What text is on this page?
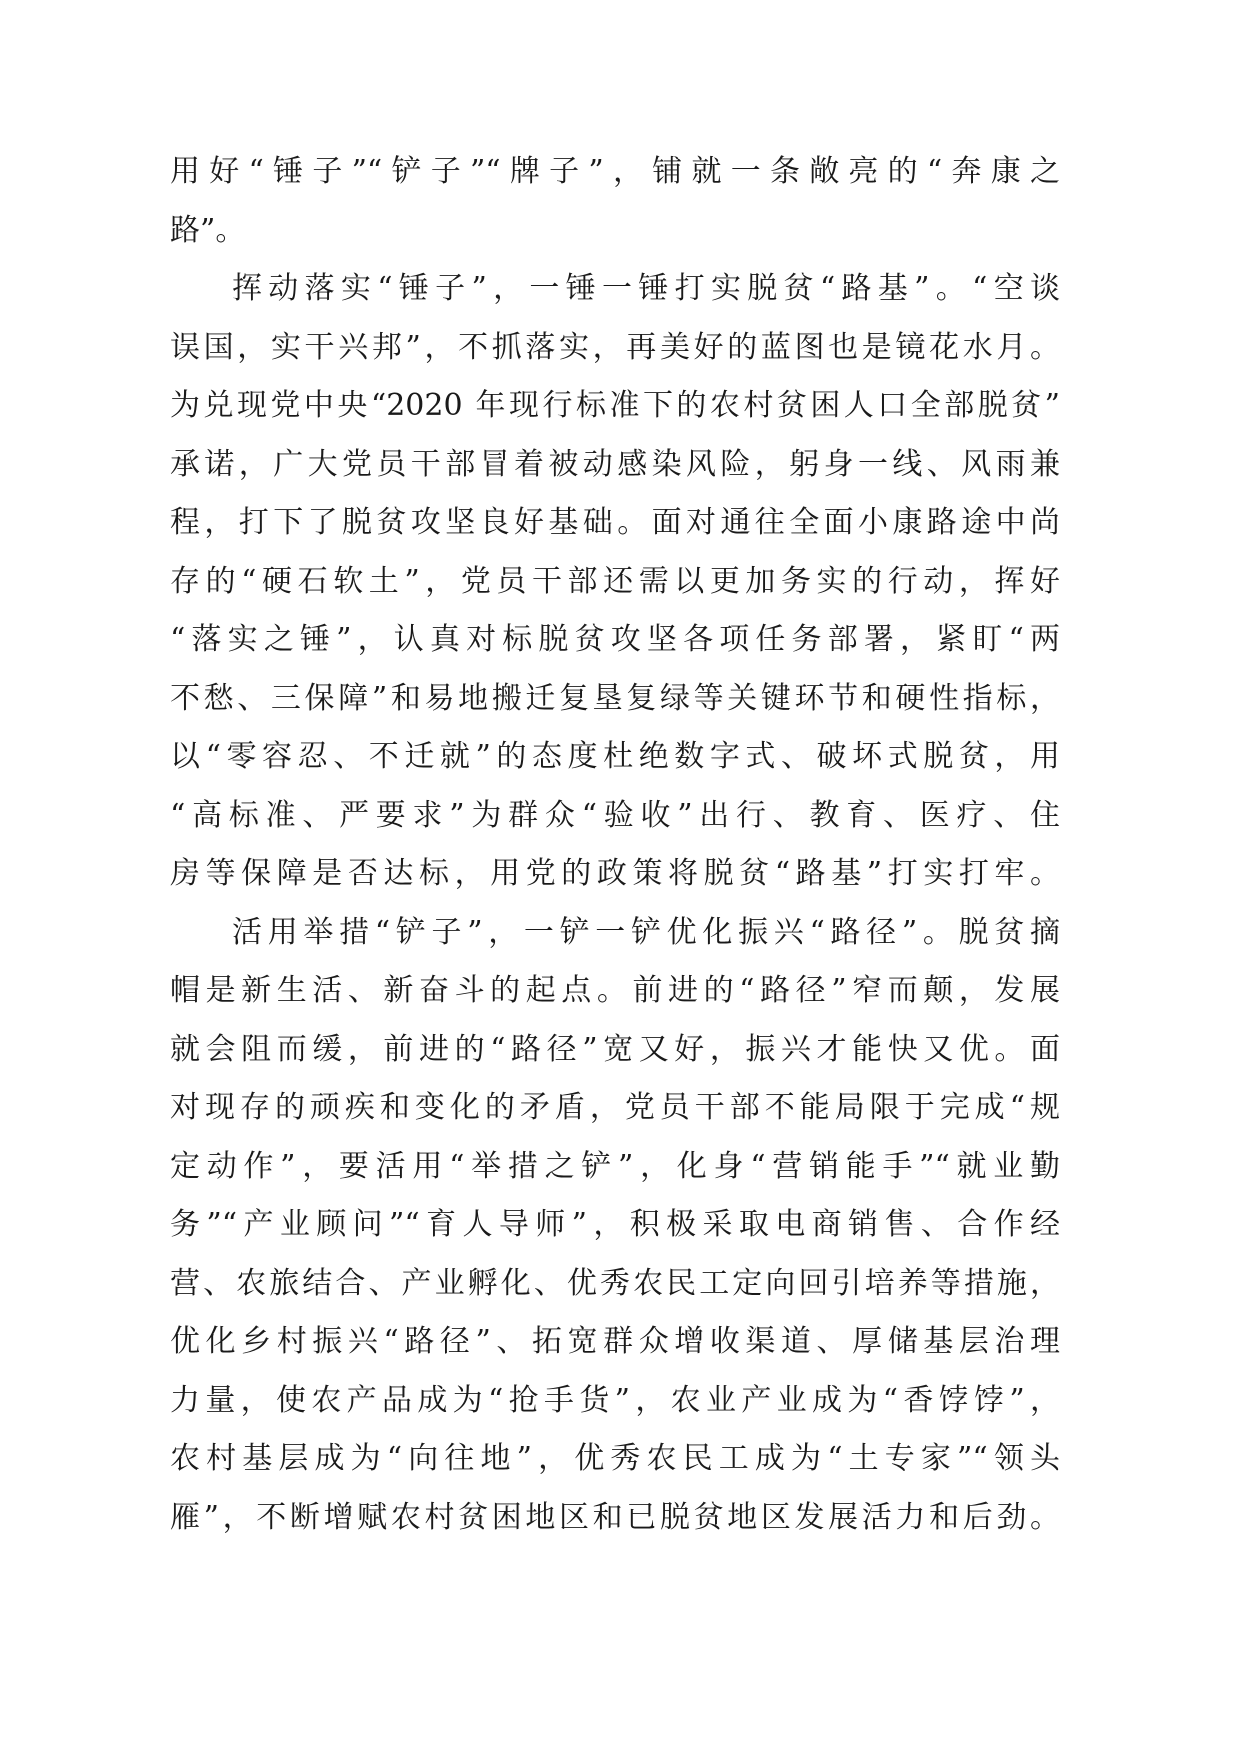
用好“锤子”“铲子”“牌子”，铺就一条敞亮的“奔康之
路”。
挥动落实“锤子”，一锤一锤打实脱贫“路基”。“空谈
误国，实干兴邦”，不抓落实，再美好的蓝图也是镜花水月。
为兑现党中央“2020 年现行标准下的农村贫困人口全部脱贫”
承诺，广大党员干部冒着被动感染风险，躬身一线、风雨兼
程，打下了脱贫攻坚良好基础。面对通往全面小康路途中尚
存的“硬石软土”，党员干部还需以更加务实的行动，挥好
“落实之锤”，认真对标脱贫攻坚各项任务部署，紧盯“两
不愁、三保障”和易地搬迁复垦复绿等关键环节和硬性指标，
以“零容忍、不迁就”的态度杜绝数字式、破坏式脱贫，用
“高标准、严要求”为群众“验收”出行、教育、医疗、住
房等保障是否达标，用党的政策将脱贫“路基”打实打牢。
活用举措“铲子”，一铲一铲优化振兴“路径”。脱贫摘
帽是新生活、新奋斗的起点。前进的“路径”窄而颠，发展
就会阻而缓，前进的“路径”宽又好，振兴才能快又优。面
对现存的顽疾和变化的矛盾，党员干部不能局限于完成“规
定动作”，要活用“举措之铲”，化身“营销能手”“就业勤
务”“产业顾问”“育人导师”，积极采取电商销售、合作经
营、农旅结合、产业孵化、优秀农民工定向回引培养等措施，
优化乡村振兴“路径”、拓宽群众增收渠道、厚储基层治理
力量，使农产品成为“抢手货”，农业产业成为“香饽饽”，
农村基层成为“向往地”，优秀农民工成为“土专家”“领头
雁”，不断增赋农村贫困地区和已脱贫地区发展活力和后劲。
